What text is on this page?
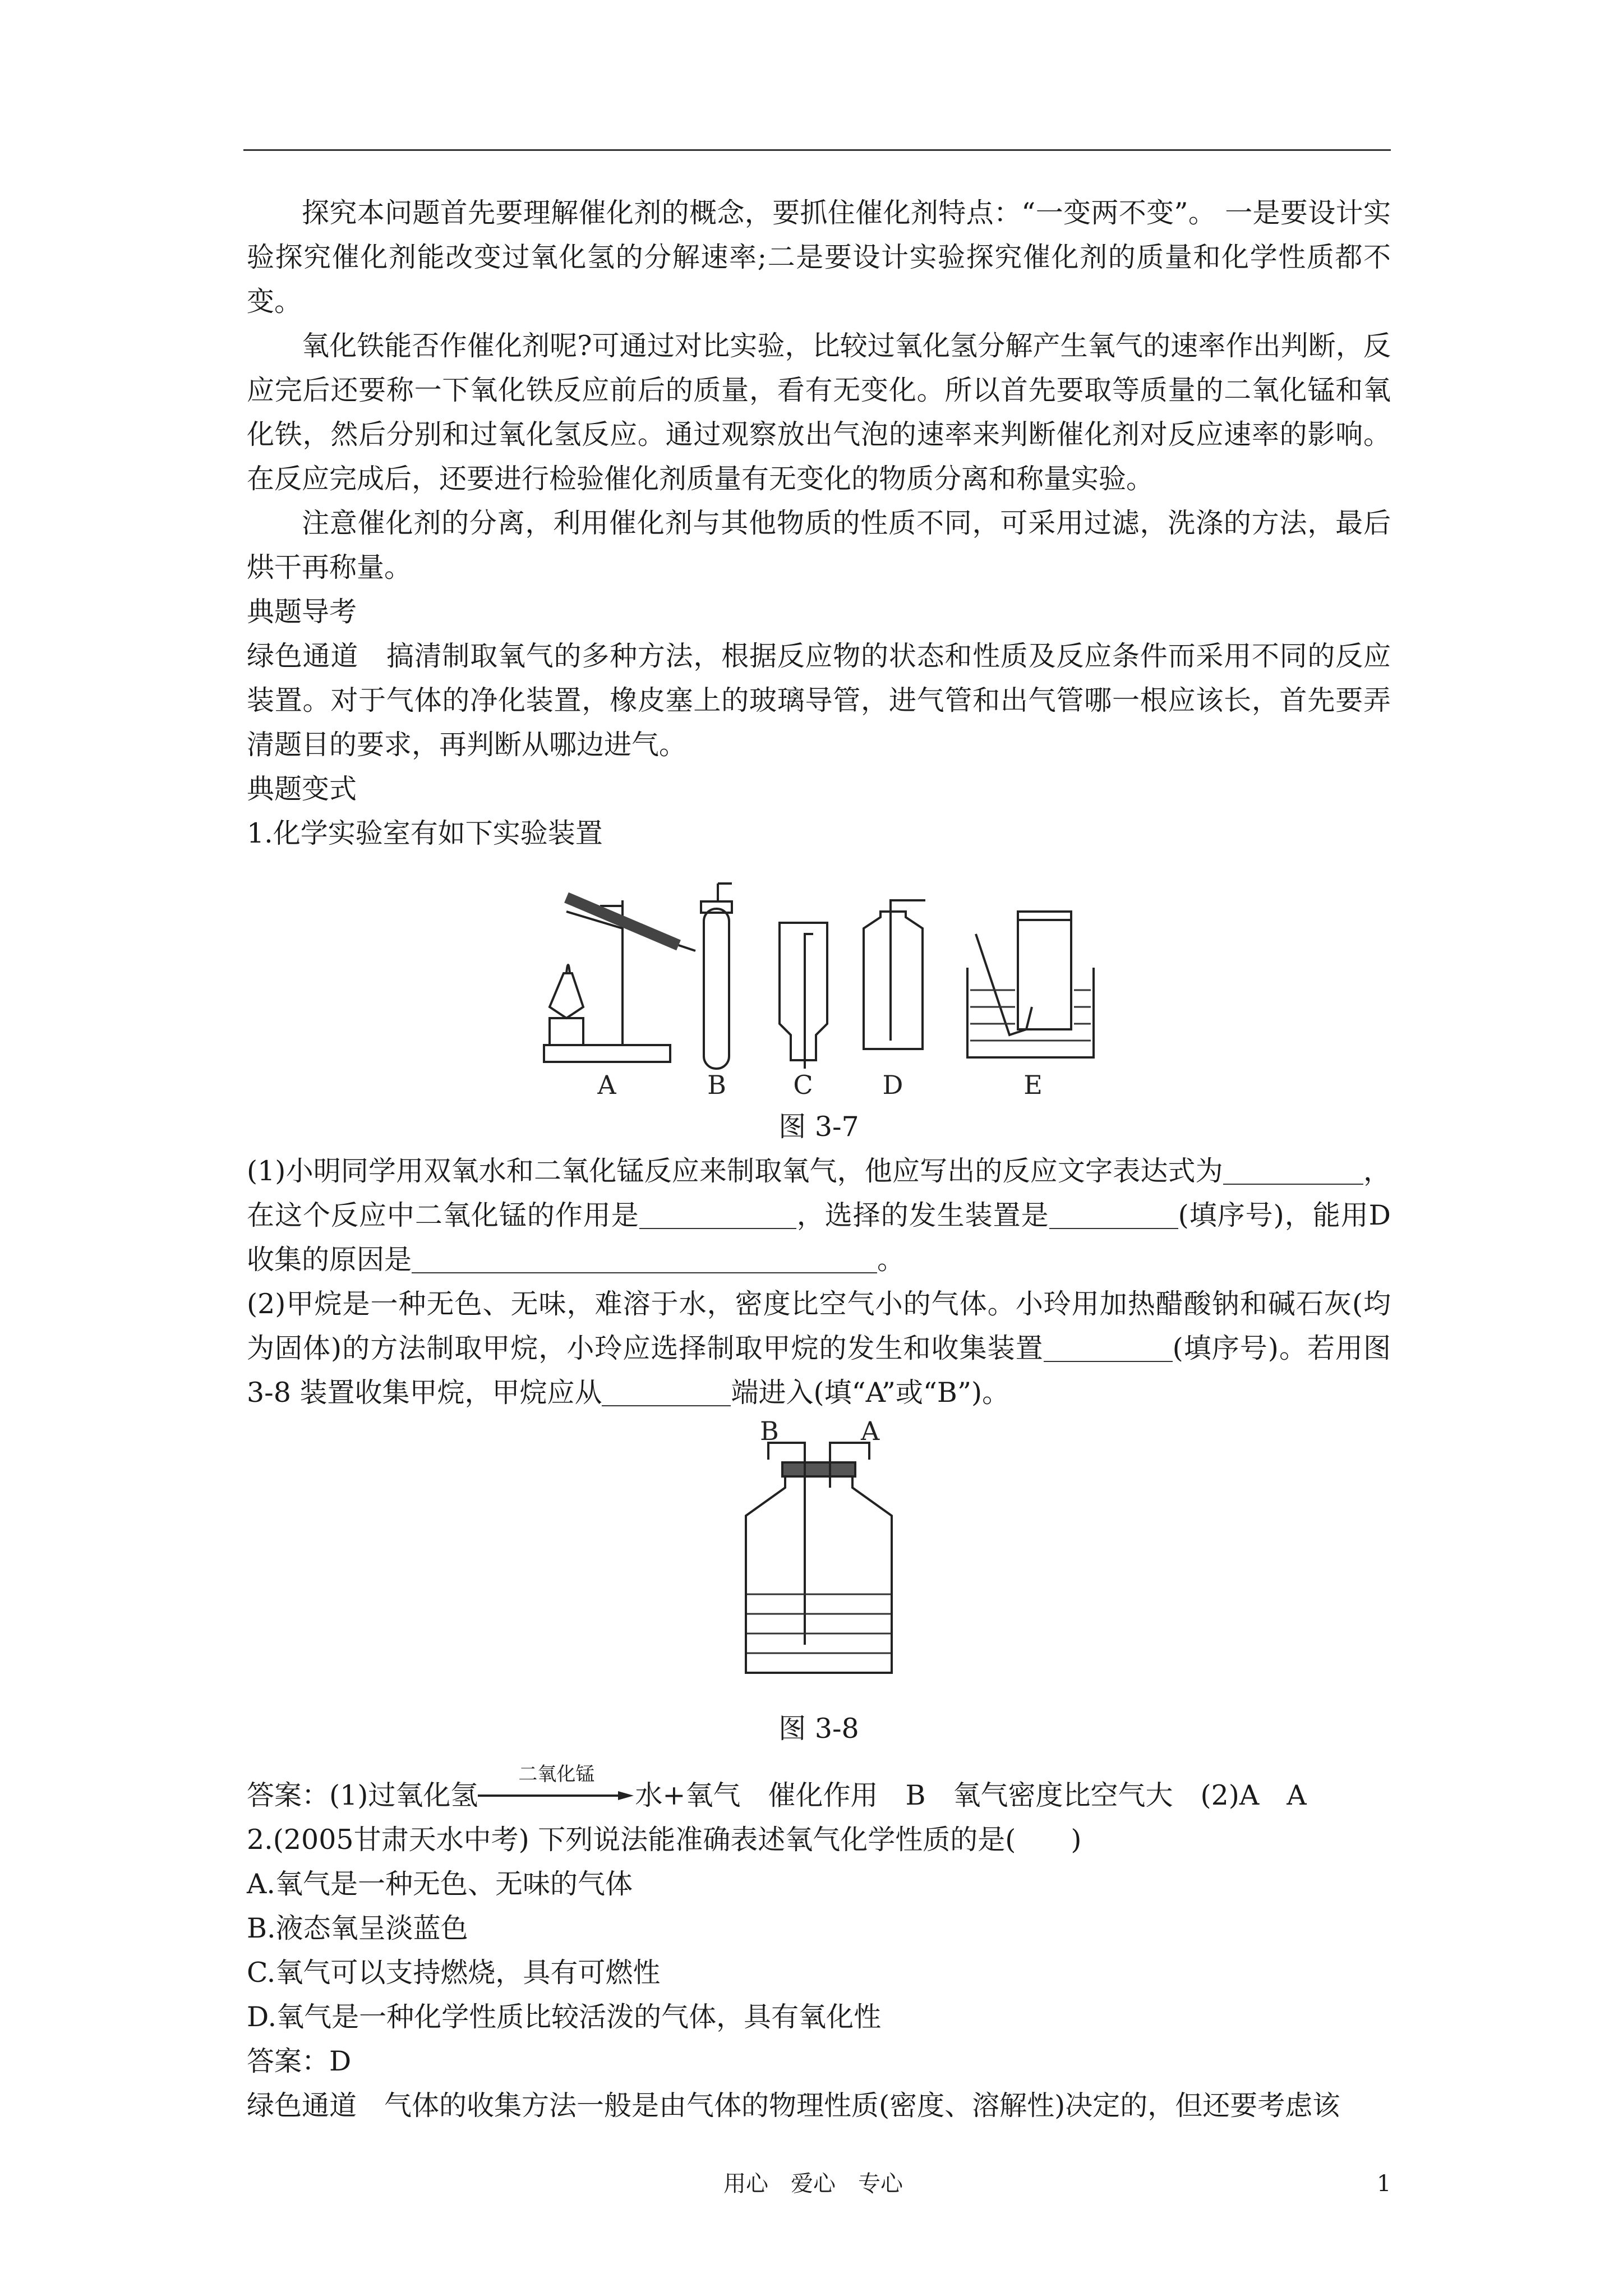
探究本问题首先要理解催化剂的概念，要抓住催化剂特点：“一变两不变”。 一是要设计实验探究催化剂能改变过氧化氢的分解速率;二是要设计实验探究催化剂的质量和化学性质都不变。

氧化铁能否作催化剂呢?可通过对比实验，比较过氧化氢分解产生氧气的速率作出判断，反应完后还要称一下氧化铁反应前后的质量，看有无变化。所以首先要取等质量的二氧化锰和氧化铁，然后分别和过氧化氢反应。通过观察放出气泡的速率来判断催化剂对反应速率的影响。在反应完成后，还要进行检验催化剂质量有无变化的物质分离和称量实验。

注意催化剂的分离，利用催化剂与其他物质的性质不同，可采用过滤，洗涤的方法，最后烘干再称量。

典题导考

绿色通道　搞清制取氧气的多种方法，根据反应物的状态和性质及反应条件而采用不同的反应装置。对于气体的净化装置，橡皮塞上的玻璃导管，进气管和出气管哪一根应该长，首先要弄清题目的要求，再判断从哪边进气。

典题变式

1.化学实验室有如下实验装置

A	B	C	D	E

图 3-7

(1)小明同学用双氧水和二氧化锰反应来制取氧气，他应写出的反应文字表达式为	，在这个反应中二氧化锰的作用是	，选择的发生装置是	(填序号)，能用D收集的原因是	。

(2)甲烷是一种无色、无味，难溶于水，密度比空气小的气体。小玲用加热醋酸钠和碱石灰(均为固体)的方法制取甲烷，小玲应选择制取甲烷的发生和收集装置	(填序号)。若用图 3-8 装置收集甲烷，甲烷应从	端进入(填“A”或“B”)。

B	A

图 3-8

答案：(1)过氧化氢
二氧化锰
水+氧气　催化作用　B　氧气密度比空气大　(2)A　A

2.(2005甘肃天水中考) 下列说法能准确表述氧气化学性质的是(　　)

A.氧气是一种无色、无味的气体

B.液态氧呈淡蓝色

C.氧气可以支持燃烧，具有可燃性

D.氧气是一种化学性质比较活泼的气体，具有氧化性

答案：D

绿色通道　气体的收集方法一般是由气体的物理性质(密度、溶解性)决定的，但还要考虑该

用心　爱心　专心	1
